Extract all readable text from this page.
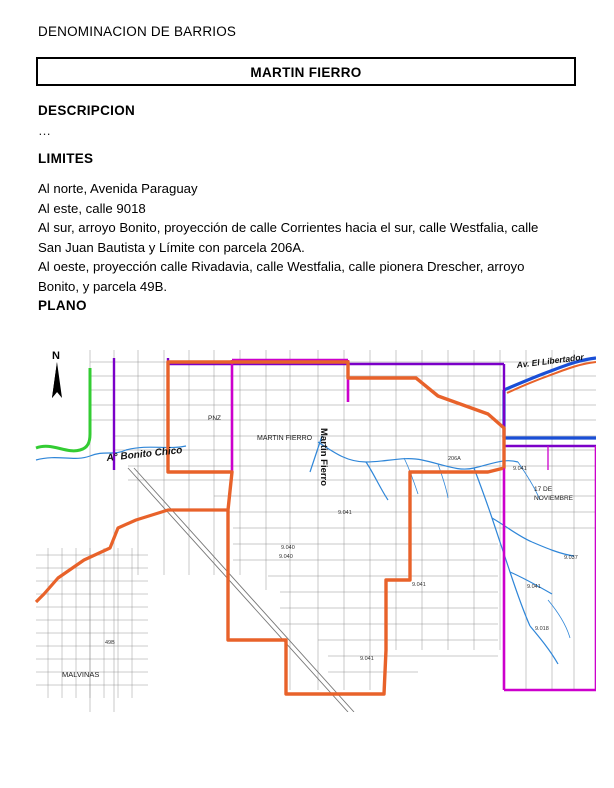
DENOMINACION DE BARRIOS
MARTIN FIERRO
DESCRIPCION
…
LIMITES
Al norte, Avenida Paraguay
Al este, calle 9018
Al sur, arroyo Bonito, proyección de calle Corrientes hacia el sur, calle Westfalia, calle San Juan Bautista y Límite con parcela 206A.
Al oeste, proyección calle Rivadavia, calle Westfalia, calle pionera Drescher, arroyo Bonito, y parcela 49B.
PLANO
N	Av. El Libertador
A° Bonito Chico	Martin Fierro
MARTIN FIERRO
PNZ
MALVINAS
17 DE
NOVIEMBRE
9.041
9.041
9.041
9.037
9.041
9.041
9.040
9.040
9.018
206A
49B
